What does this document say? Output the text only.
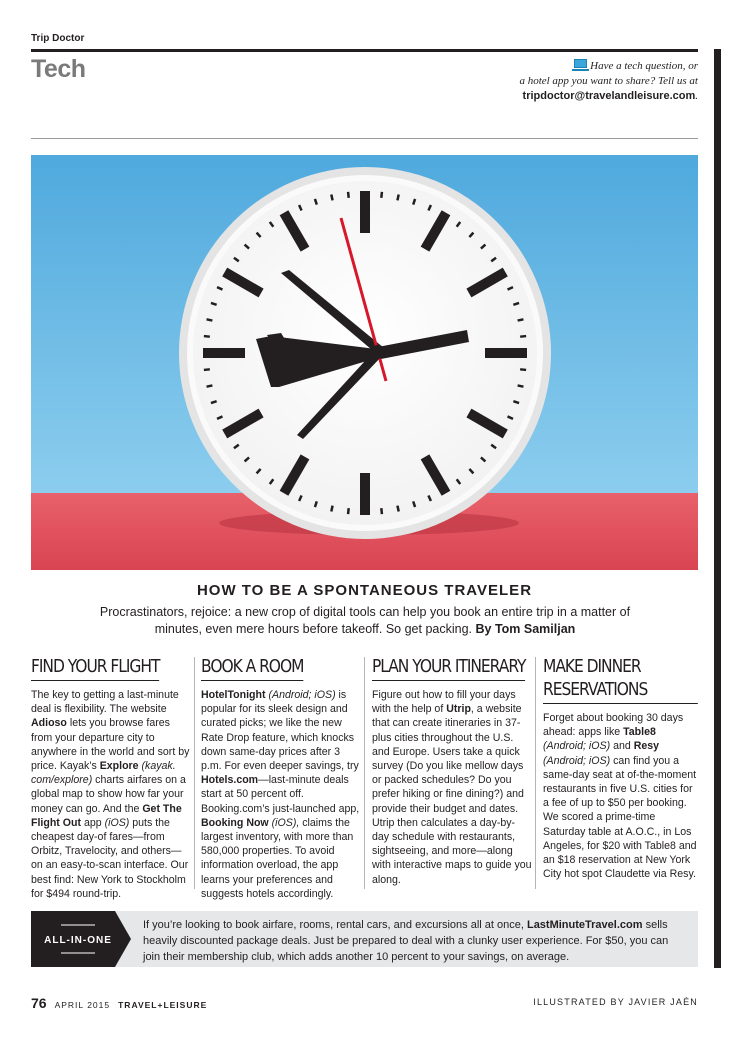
Trip Doctor
Tech	Have a tech question, or
a hotel app you want to share? Tell us at
tripdoctor@travelandleisure.com.
HOW TO BE A SPONTANEOUS TRAVELER
Procrastinators, rejoice: a new crop of digital tools can help you book an entire trip in a matter of minutes, even mere hours before takeoff. So get packing. By Tom Samiljan
FIND YOUR FLIGHT
The key to getting a last-minute deal is flexibility. The website Adioso lets you browse fares from your departure city to anywhere in the world and sort by price. Kayak’s Explore (kayak. com/explore) charts airfares on a global map to show how far your money can go. And the Get The Flight Out app (iOS) puts the cheapest day-of fares—from Orbitz, Travelocity, and others—on an easy-to-scan interface. Our best find: New York to Stockholm for $494 round-trip.
BOOK A ROOM
HotelTonight (Android; iOS) is popular for its sleek design and curated picks; we like the new Rate Drop feature, which knocks down same-day prices after 3 p.m. For even deeper savings, try Hotels.com—last-minute deals start at 50 percent off. Booking.com’s just-launched app, Booking Now (iOS), claims the largest inventory, with more than 580,000 properties. To avoid information overload, the app learns your preferences and suggests hotels accordingly.
PLAN YOUR ITINERARY
Figure out how to fill your days with the help of Utrip, a website that can create itineraries in 37-plus cities throughout the U.S. and Europe. Users take a quick survey (Do you like mellow days or packed schedules? Do you prefer hiking or fine dining?) and provide their budget and dates. Utrip then calculates a day-by-day schedule with restaurants, sightseeing, and more—along with interactive maps to guide you along.
MAKE DINNER RESERVATIONS
Forget about booking 30 days ahead: apps like Table8 (Android; iOS) and Resy (Android; iOS) can find you a same-day seat at of-the-moment restaurants in five U.S. cities for a fee of up to $50 per booking. We scored a prime-time Saturday table at A.O.C., in Los Angeles, for $20 with Table8 and an $18 reservation at New York City hot spot Claudette via Resy.
ALL-IN-ONE
If you’re looking to book airfare, rooms, rental cars, and excursions all at once, LastMinuteTravel.com sells heavily discounted package deals. Just be prepared to deal with a clunky user experience. For $50, you can join their membership club, which adds another 10 percent to your savings, on average.
76 APRIL 2015 TRAVEL+LEISURE	ILLUSTRATED BY JAVIER JAÉN
